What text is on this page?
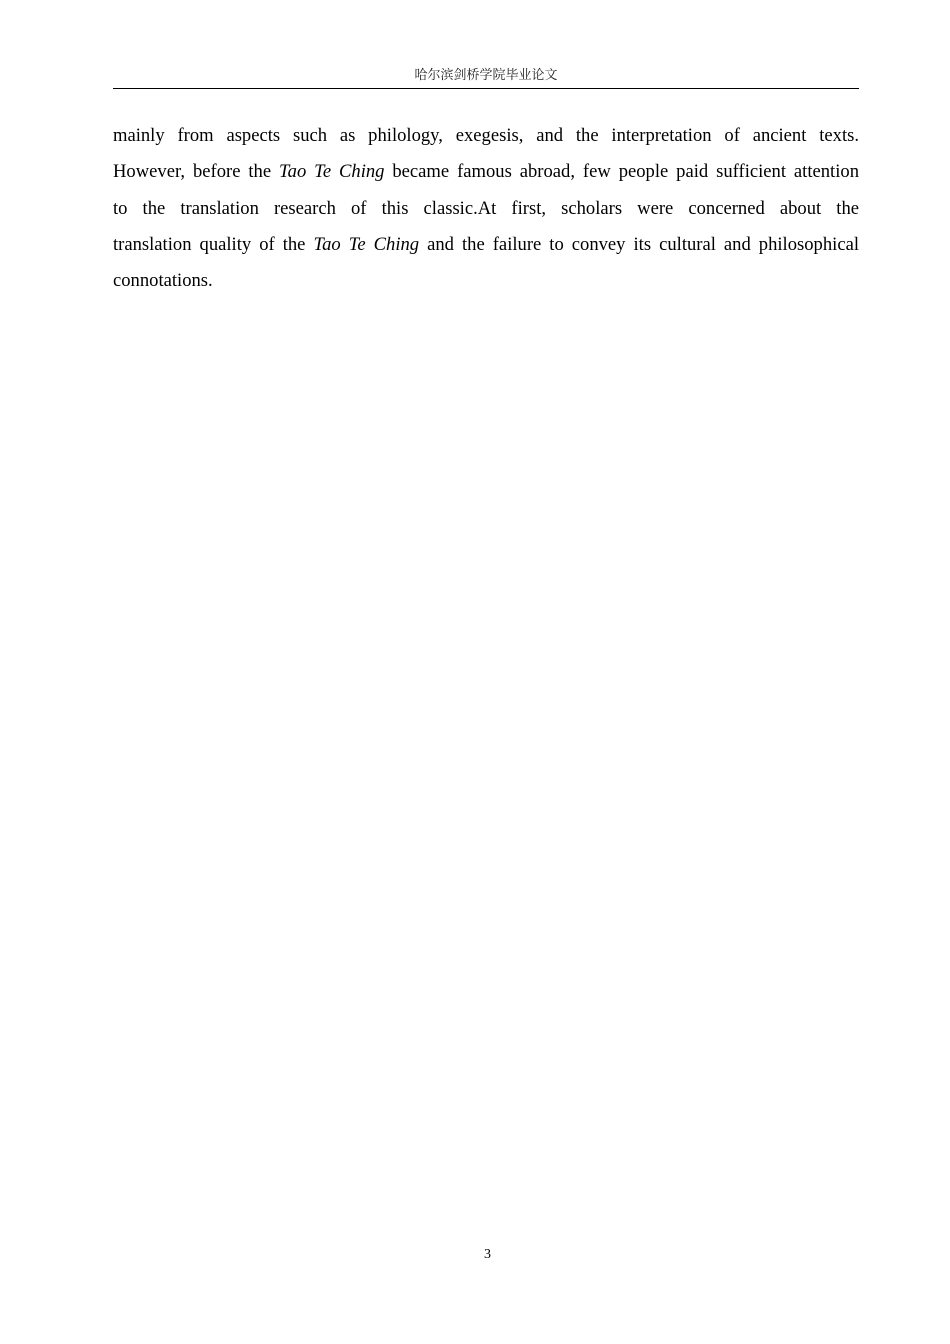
哈尔滨剑桥学院毕业论文
mainly from aspects such as philology, exegesis, and the interpretation of ancient texts.
However, before the Tao Te Ching became famous abroad, few people paid sufficient attention
to the translation research of this classic.At first, scholars were concerned about the
translation quality of the Tao Te Ching and the failure to convey its cultural and philosophical
connotations.
3
